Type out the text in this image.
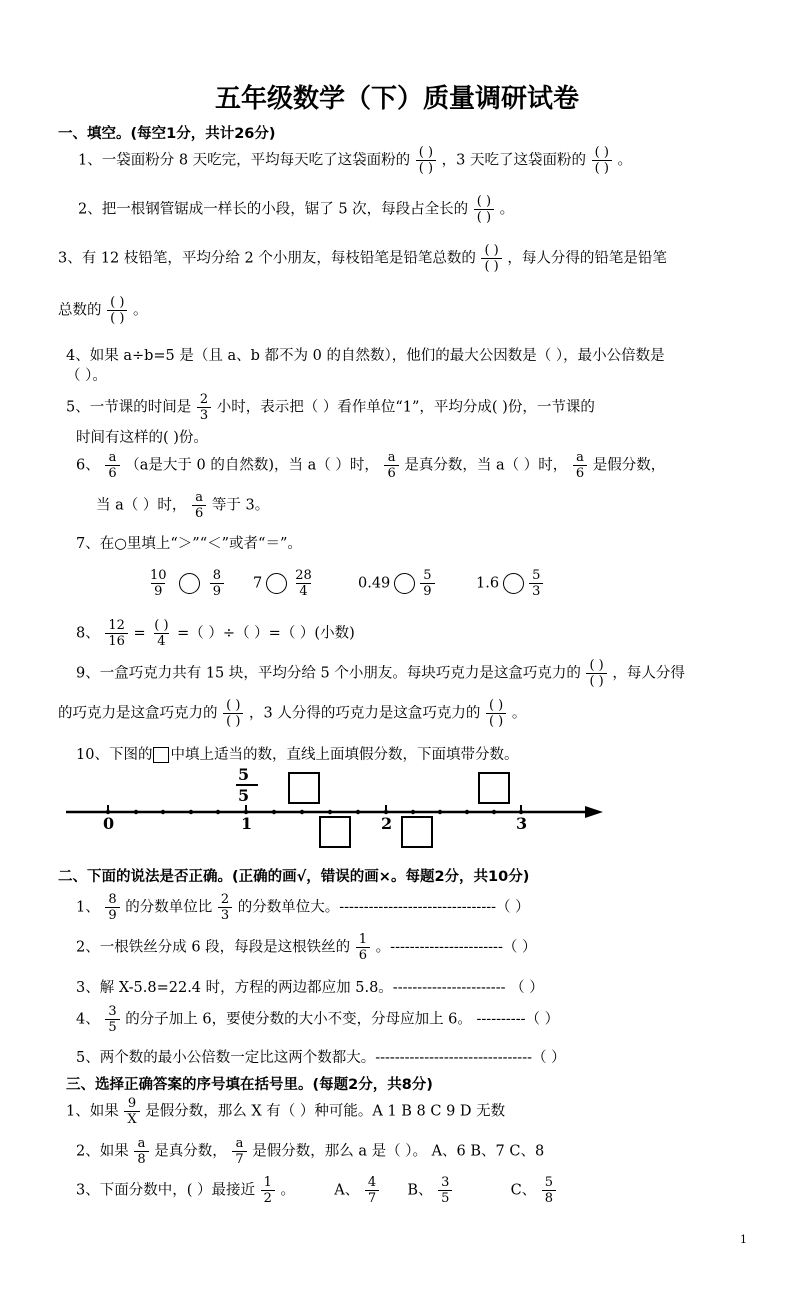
五年级数学（下）质量调研试卷
一、填空。(每空1分，共计26分)
1、一袋面粉分 8 天吃完，平均每天吃了这袋面粉的 $\frac{( )}{( )}$ ，3 天吃了这袋面粉的 $\frac{( )}{( )}$ 。
2、把一根钢管锯成一样长的小段，锯了 5 次，每段占全长的 $\frac{( )}{( )}$ 。
3、有 12 枝铅笔，平均分给 2 个小朋友，每枝铅笔是铅笔总数的 $\frac{( )}{( )}$ ，每人分得的铅笔是铅笔
总数的 $\frac{( )}{( )}$ 。
4、如果 a÷b=5 是（且 a、b 都不为 0 的自然数），他们的最大公因数是（ ），最小公倍数是
（ ）。
5、一节课的时间是 $\frac{2}{3}$ 小时，表示把（ ）看作单位“1”，平均分成( )份，一节课的
时间有这样的( )份。
6、 $\frac{a}{6} (a$是大于 0 的自然数)，当 a（ ）时， $\frac{a}{6}$ 是真分数，当 a（ ）时， $\frac{a}{6}$ 是假分数，
当 a（ ）时， $\frac{a}{6}$ 等于 3。
7、在○里填上“＞”“＜”或者“＝”。
$\frac{10}{9}$
	$\frac{8}{9} 7 \frac{28}{4}$	$0.49 \frac{5}{9}$	$1.6 \frac{5}{3}$
8、 $\frac{12}{16} = \frac{( )}{4}$ =（ ）÷（ ）=（ ）(小数)
9、一盒巧克力共有 15 块，平均分给 5 个小朋友。每块巧克力是这盒巧克力的 $\frac{( )}{( )}$ ，每人分得
的巧克力是这盒巧克力的 $\frac{( )}{( )}$ ，3 人分得的巧克力是这盒巧克力的 $\frac{( )}{( )}$ 。
10、下图的 中填上适当的数，直线上面填假分数，下面填带分数。
5
5
0	1	2	3
二、下面的说法是否正确。(正确的画√，错误的画×。每题2分，共10分)
1、 $\frac{8}{9}$ 的分数单位比 $\frac{2}{3}$ 的分数单位大。--------------------------------（ ）
2、一根铁丝分成 6 段，每段是这根铁丝的 $\frac{1}{6}$ 。-----------------------（ ）
3、解 X-5.8=22.4 时，方程的两边都应加 5.8。----------------------- （ ）
4、 $\frac{3}{5}$ 的分子加上 6，要使分数的大小不变，分母应加上 6。 ----------（ ）
5、两个数的最小公倍数一定比这两个数都大。--------------------------------（ ）
三、选择正确答案的序号填在括号里。(每题2分，共8分)
1、如果 $\frac{9}{X}$ 是假分数，那么 X 有（ ）种可能。A 1 B 8 C 9 D 无数
2、如果 $\frac{a}{8}$ 是真分数， $\frac{a}{7}$ 是假分数，那么 a 是（ ）。 A、6 B、7 C、8
3、下面分数中，( ）最接近 $\frac{1}{2}$ 。	A、 $\frac{4}{7}$ B、 $\frac{3}{5}$	C、 $\frac{5}{8}$
1
